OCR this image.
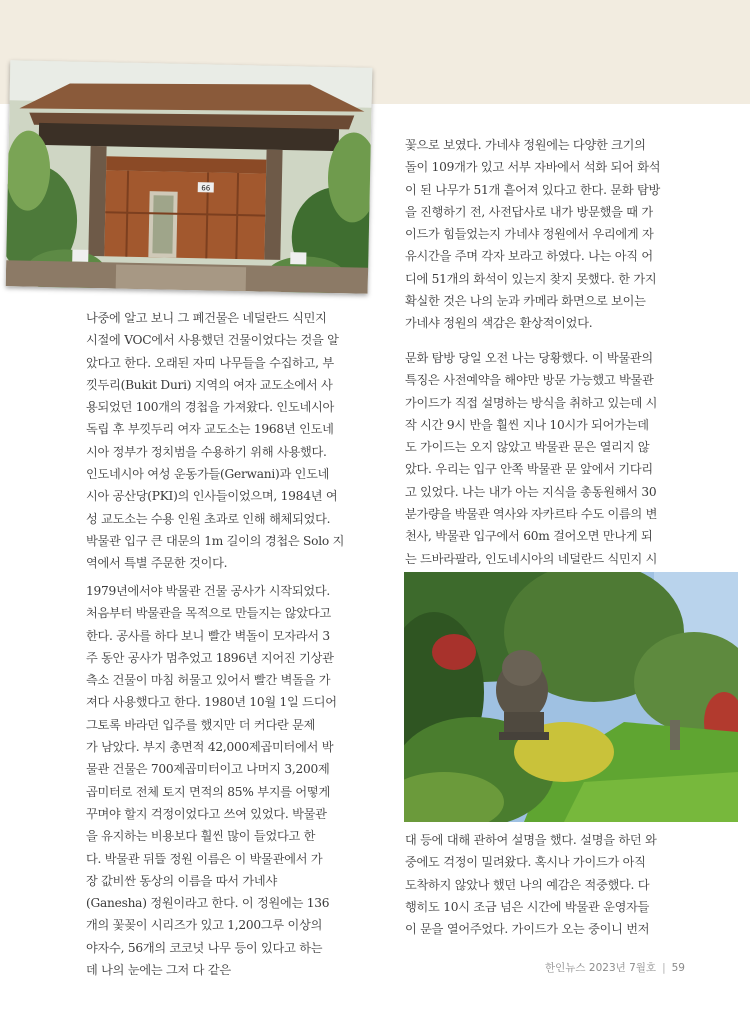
66

나중에 알고 보니 그 폐건물은 네덜란드 식민지
시절에 VOC에서 사용했던 건물이었다는 것을 알
았다고 한다. 오래된 자띠 나무들을 수집하고, 부
낏두리(Bukit Duri) 지역의 여자 교도소에서 사
용되었던 100개의 경첩을 가져왔다. 인도네시아
독립 후 부낏두리 여자 교도소는 1968년 인도네
시아 정부가 정치범을 수용하기 위해 사용했다.
인도네시아 여성 운동가들(Gerwani)과 인도네
시아 공산당(PKI)의 인사들이었으며, 1984년 여
성 교도소는 수용 인원 초과로 인해 해체되었다.
박물관 입구 큰 대문의 1m 길이의 경첩은 Solo 지
역에서 특별 주문한 것이다.

1979년에서야 박물관 건물 공사가 시작되었다.
처음부터 박물관을 목적으로 만들지는 않았다고
한다. 공사를 하다 보니 빨간 벽돌이 모자라서 3
주 동안 공사가 멈추었고 1896년 지어진 기상관
측소 건물이 마침 허물고 있어서 빨간 벽돌을 가
져다 사용했다고 한다. 1980년 10월 1일 드디어
그토록 바라던 입주를 했지만 더 커다란 문제
가 남았다. 부지 총면적 42,000제곱미터에서 박
물관 건물은 700제곱미터이고 나머지 3,200제
곱미터로 전체 토지 면적의 85% 부지를 어떻게
꾸며야 할지 걱정이었다고 쓰여 있었다. 박물관
을 유지하는 비용보다 훨씬 많이 들었다고 한
다. 박물관 뒤뜰 정원 이름은 이 박물관에서 가
장 값비싼 동상의 이름을 따서 가네샤
(Ganesha) 정원이라고 한다. 이 정원에는 136
개의 꽃꽂이 시리즈가 있고 1,200그루 이상의
야자수, 56개의 코코넛 나무 등이 있다고 하는
데 나의 눈에는 그저 다 같은

꽃으로 보였다. 가네샤 정원에는 다양한 크기의
돌이 109개가 있고 서부 자바에서 석화 되어 화석
이 된 나무가 51개 흩어져 있다고 한다. 문화 탐방
을 진행하기 전, 사전답사로 내가 방문했을 때 가
이드가 힘들었는지 가네샤 정원에서 우리에게 자
유시간을 주며 각자 보라고 하였다. 나는 아직 어
디에 51개의 화석이 있는지 찾지 못했다. 한 가지
확실한 것은 나의 눈과 카메라 화면으로 보이는
가네샤 정원의 색감은 환상적이었다.

문화 탐방 당일 오전 나는 당황했다. 이 박물관의
특징은 사전예약을 해야만 방문 가능했고 박물관
가이드가 직접 설명하는 방식을 취하고 있는데 시
작 시간 9시 반을 훨씬 지나 10시가 되어가는데
도 가이드는 오지 않았고 박물관 문은 열리지 않
았다. 우리는 입구 안쪽 박물관 문 앞에서 기다리
고 있었다. 나는 내가 아는 지식을 총동원해서 30
분가량을 박물관 역사와 자카르타 수도 이름의 변
천사, 박물관 입구에서 60m 걸어오면 만나게 되
는 드바라팔라, 인도네시아의 네덜란드 식민지 시

대 등에 대해 관하여 설명을 했다. 설명을 하던 와
중에도 걱정이 밀려왔다. 혹시나 가이드가 아직
도착하지 않았나 했던 나의 예감은 적중했다. 다
행히도 10시 조금 넘은 시간에 박물관 운영자들
이 문을 열어주었다. 가이드가 오는 중이니 번저

한인뉴스 2023년 7월호 | 59
